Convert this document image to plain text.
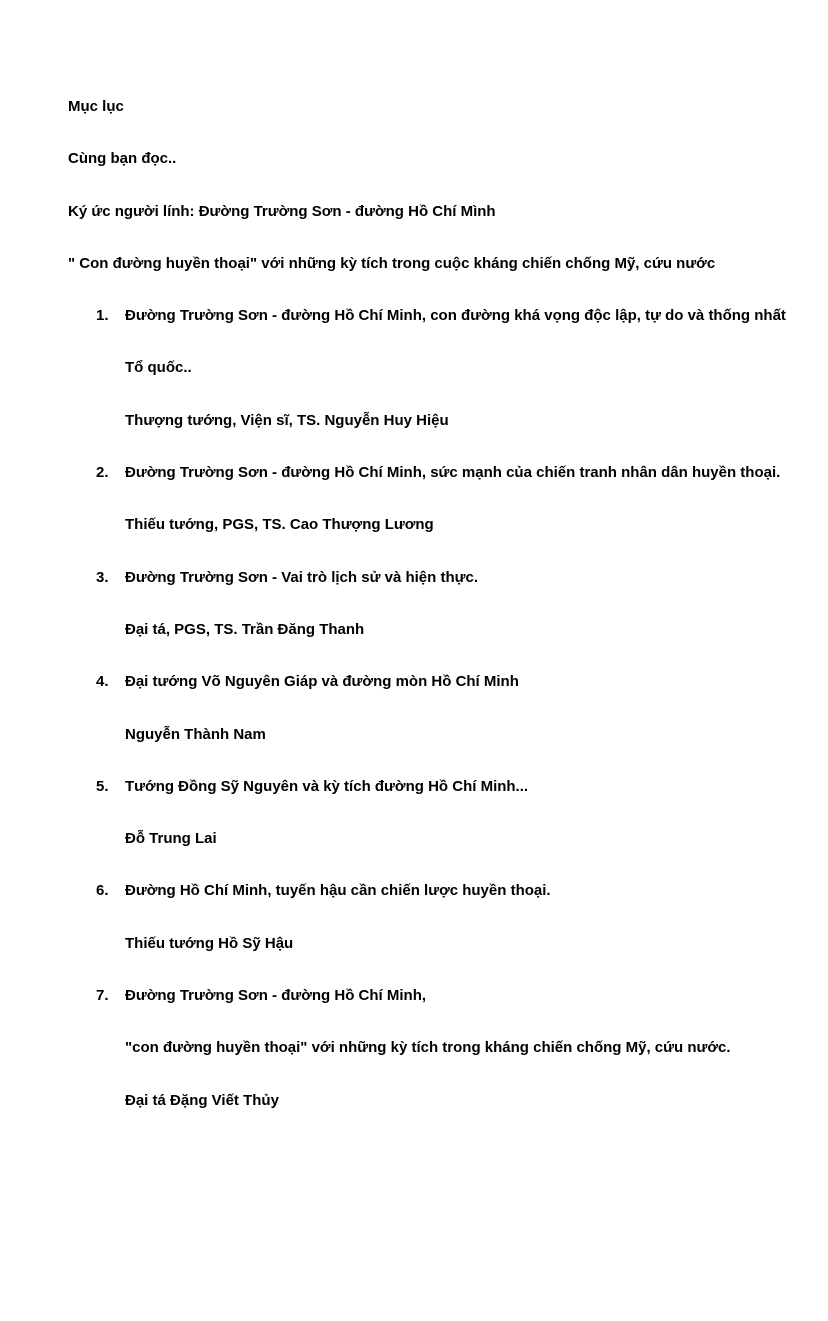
Mục lục

Cùng bạn đọc..

Ký ức người lính: Đường Trường Sơn - đường Hồ Chí Mình

" Con đường huyền thoại" với những kỳ tích trong cuộc kháng chiến chống Mỹ, cứu nước

1.	Đường Trường Sơn - đường Hồ Chí Minh, con đường khá vọng độc lập, tự do và thống nhất

Tổ quốc..

Thượng tướng, Viện sĩ, TS. Nguyễn Huy Hiệu

2.	Đường Trường Sơn - đường Hồ Chí Minh, sức mạnh của chiến tranh nhân dân huyền thoại.

Thiếu tướng, PGS, TS. Cao Thượng Lương

3.	Đường Trường Sơn - Vai trò lịch sử và hiện thực.

Đại tá, PGS, TS. Trần Đăng Thanh

4.	Đại tướng Võ Nguyên Giáp và đường mòn Hồ Chí Minh

Nguyễn Thành Nam

5.	Tướng Đồng Sỹ Nguyên và kỳ tích đường Hồ Chí Minh...

Đỗ Trung Lai

6.	Đường Hồ Chí Minh, tuyến hậu cần chiến lược huyền thoại.

Thiếu tướng Hồ Sỹ Hậu

7.	Đường Trường Sơn - đường Hồ Chí Minh,

"con đường huyền thoại" với những kỳ tích trong kháng chiến chống Mỹ, cứu nước.

Đại tá Đặng Viết Thủy
